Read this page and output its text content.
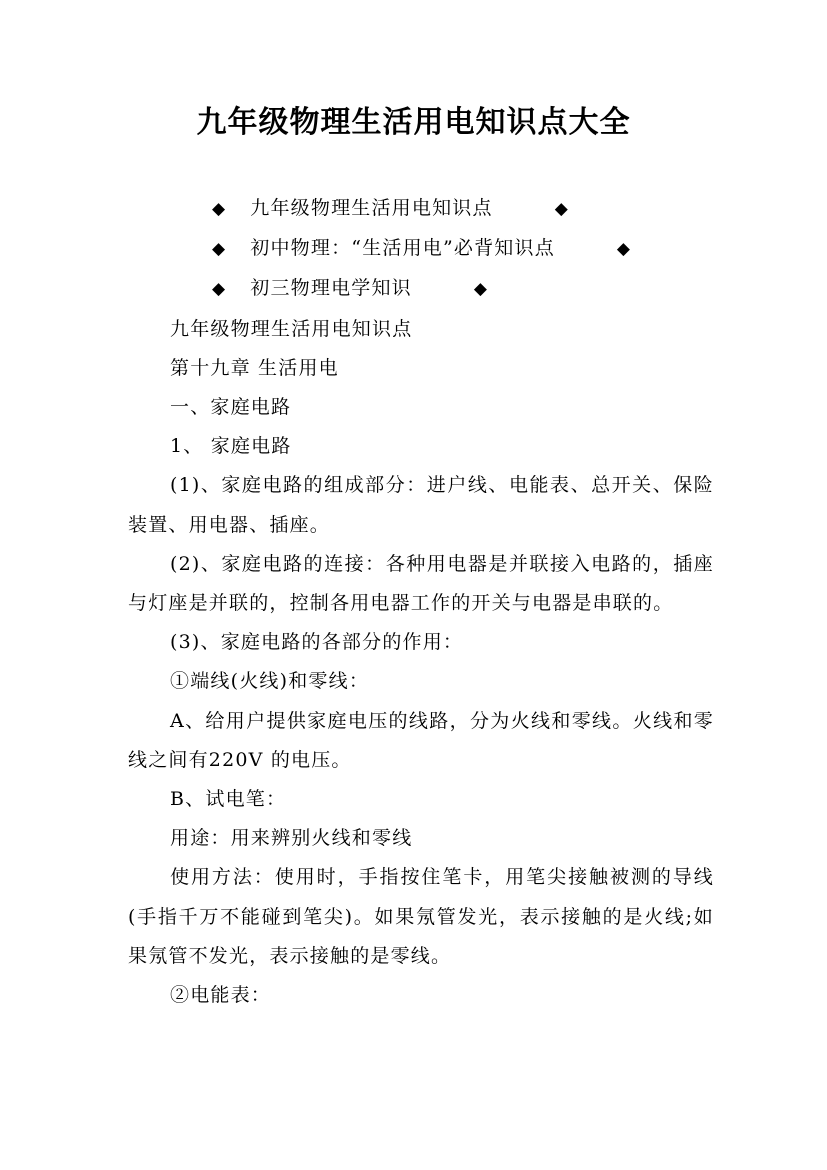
九年级物理生活用电知识点大全

◆ 九年级物理生活用电知识点	◆

◆ 初中物理：“生活用电”必背知识点	◆

◆ 初三物理电学知识	◆

九年级物理生活用电知识点

第十九章 生活用电

一、家庭电路

1、 家庭电路

(1)、家庭电路的组成部分：进户线、电能表、总开关、保险装置、用电器、插座。

(2)、家庭电路的连接：各种用电器是并联接入电路的，插座与灯座是并联的，控制各用电器工作的开关与电器是串联的。

(3)、家庭电路的各部分的作用：

①端线(火线)和零线：

A、给用户提供家庭电压的线路，分为火线和零线。火线和零线之间有220V 的电压。

B、试电笔：

用途：用来辨别火线和零线

使用方法：使用时，手指按住笔卡，用笔尖接触被测的导线(手指千万不能碰到笔尖)。如果氖管发光，表示接触的是火线;如果氖管不发光，表示接触的是零线。

②电能表：
